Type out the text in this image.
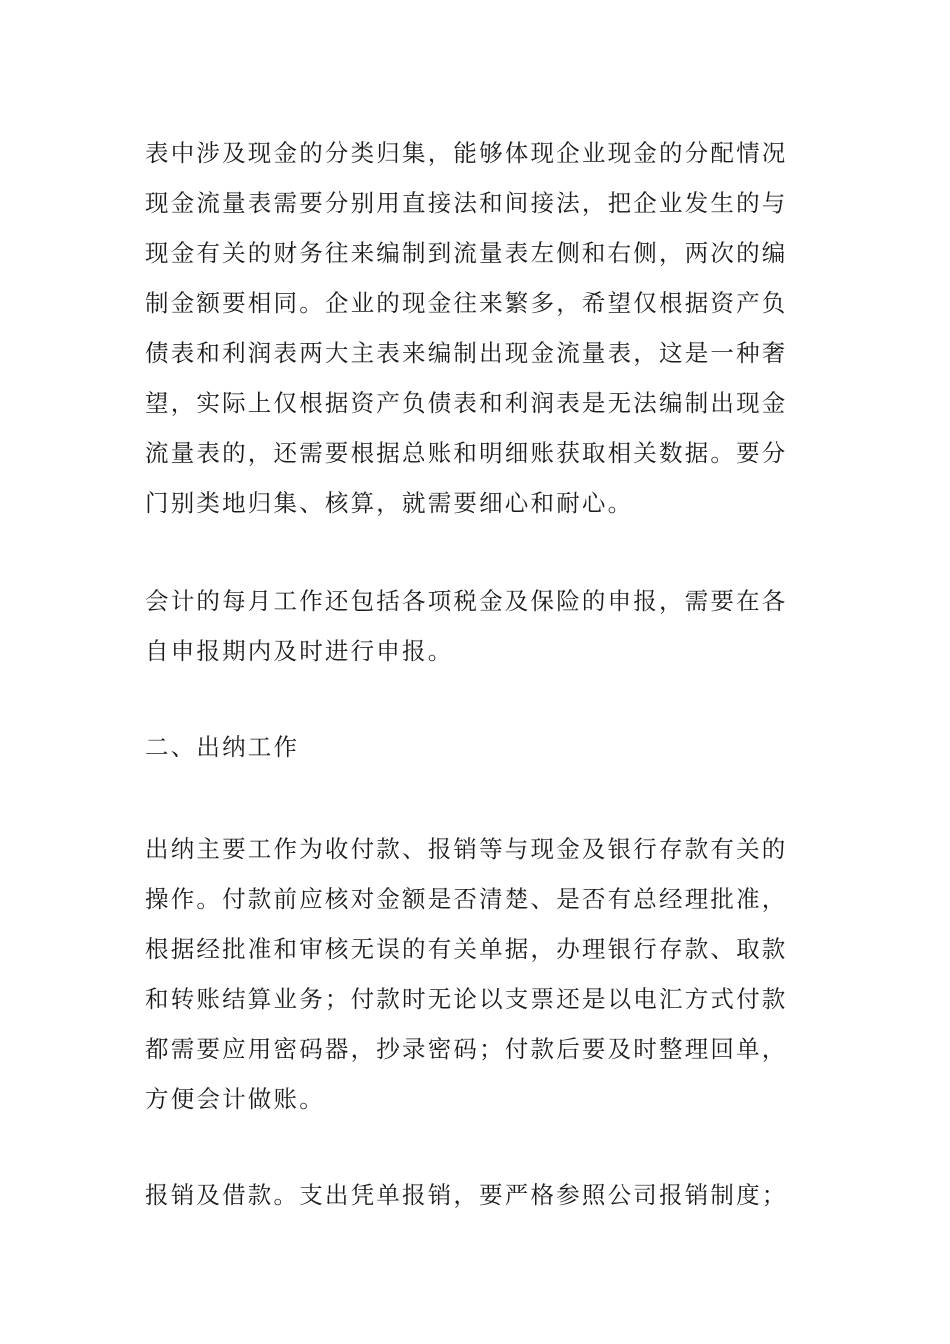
表中涉及现金的分类归集，能够体现企业现金的分配情况
现金流量表需要分别用直接法和间接法，把企业发生的与
现金有关的财务往来编制到流量表左侧和右侧，两次的编
制金额要相同。企业的现金往来繁多，希望仅根据资产负
债表和利润表两大主表来编制出现金流量表，这是一种奢
望，实际上仅根据资产负债表和利润表是无法编制出现金
流量表的，还需要根据总账和明细账获取相关数据。要分
门别类地归集、核算，就需要细心和耐心。
会计的每月工作还包括各项税金及保险的申报，需要在各
自申报期内及时进行申报。
二、出纳工作
出纳主要工作为收付款、报销等与现金及银行存款有关的
操作。付款前应核对金额是否清楚、是否有总经理批准，
根据经批准和审核无误的有关单据，办理银行存款、取款
和转账结算业务；付款时无论以支票还是以电汇方式付款
都需要应用密码器，抄录密码；付款后要及时整理回单，
方便会计做账。
报销及借款。支出凭单报销，要严格参照公司报销制度；
